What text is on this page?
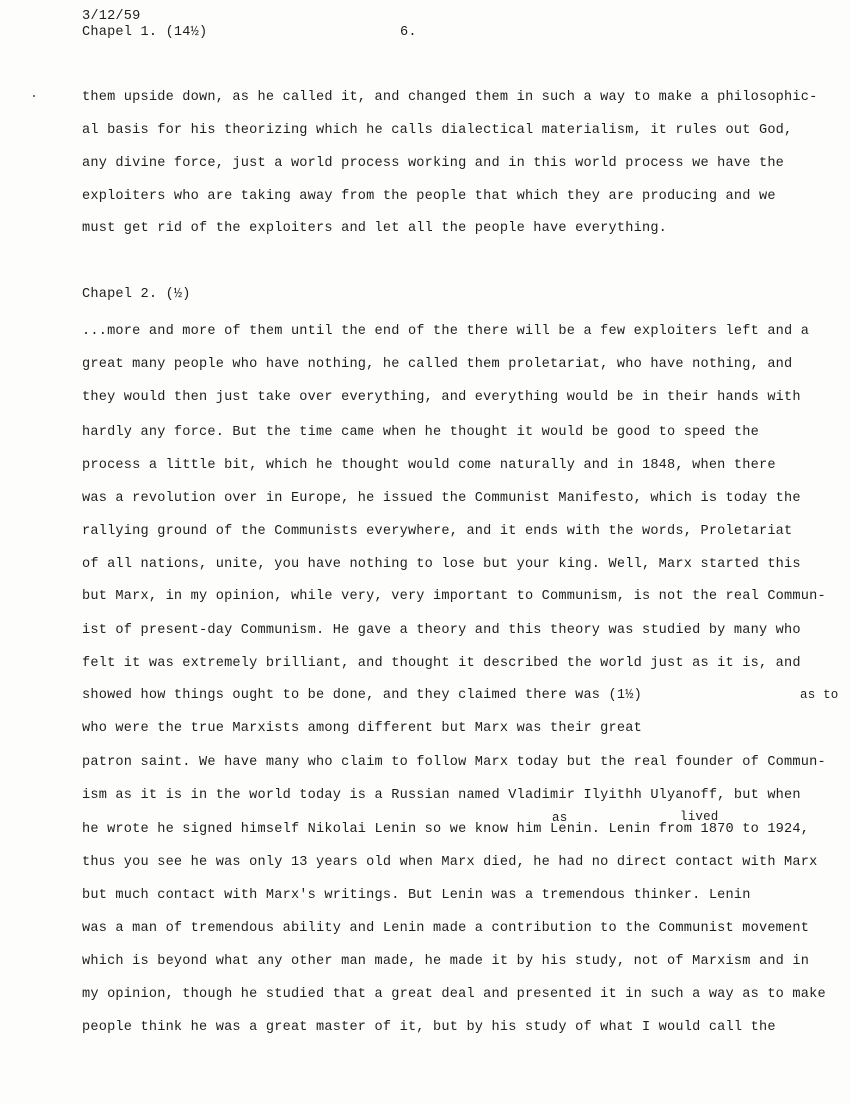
3/12/59
Chapel 1. (14½)	6.
them upside down, as he called it, and changed them in such a way to make a philosophic-
al basis for his theorizing which he calls dialectical materialism, it rules out God,
any divine force, just a world process working and in this world process we have the
exploiters who are taking away from the people that which they are producing and we
must get rid of the exploiters and let all the people have everything.
Chapel 2. (½)
...more and more of them until the end of the there will be a few exploiters left and a
great many people who have nothing, he called them proletariat, who have nothing, and
they would then just take over everything, and everything would be in their hands with
hardly any force. But the time came when he thought it would be good to speed the
process a little bit, which he thought would come naturally and in 1848, when there
was a revolution over in Europe, he issued the Communist Manifesto, which is today the
rallying ground of the Communists everywhere, and it ends with the words, Proletariat
of all nations, unite, you have nothing to lose but your king. Well, Marx started this
but Marx, in my opinion, while very, very important to Communism, is not the real Commun-
ist of present-day Communism. He gave a theory and this theory was studied by many who
felt it was extremely brilliant, and thought it described the world just as it is, and
showed how things ought to be done, and they claimed there was (1½)	as to
who were the true Marxists among different but Marx was their great
patron saint. We have many who claim to follow Marx today but the real founder of Commun-
ism as it is in the world today is a Russian named Vladimir Ilyithh Ulyanoff, but when
lived
as
he wrote he signed himself Nikolai Lenin so we know him Lenin. Lenin from 1870 to 1924,
thus you see he was only 13 years old when Marx died, he had no direct contact with Marx
but much contact with Marx's writings. But Lenin was a tremendous thinker. Lenin
was a man of tremendous ability and Lenin made a contribution to the Communist movement
which is beyond what any other man made, he made it by his study, not of Marxism and in
my opinion, though he studied that a great deal and presented it in such a way as to make
people think he was a great master of it, but by his study of what I would call the
